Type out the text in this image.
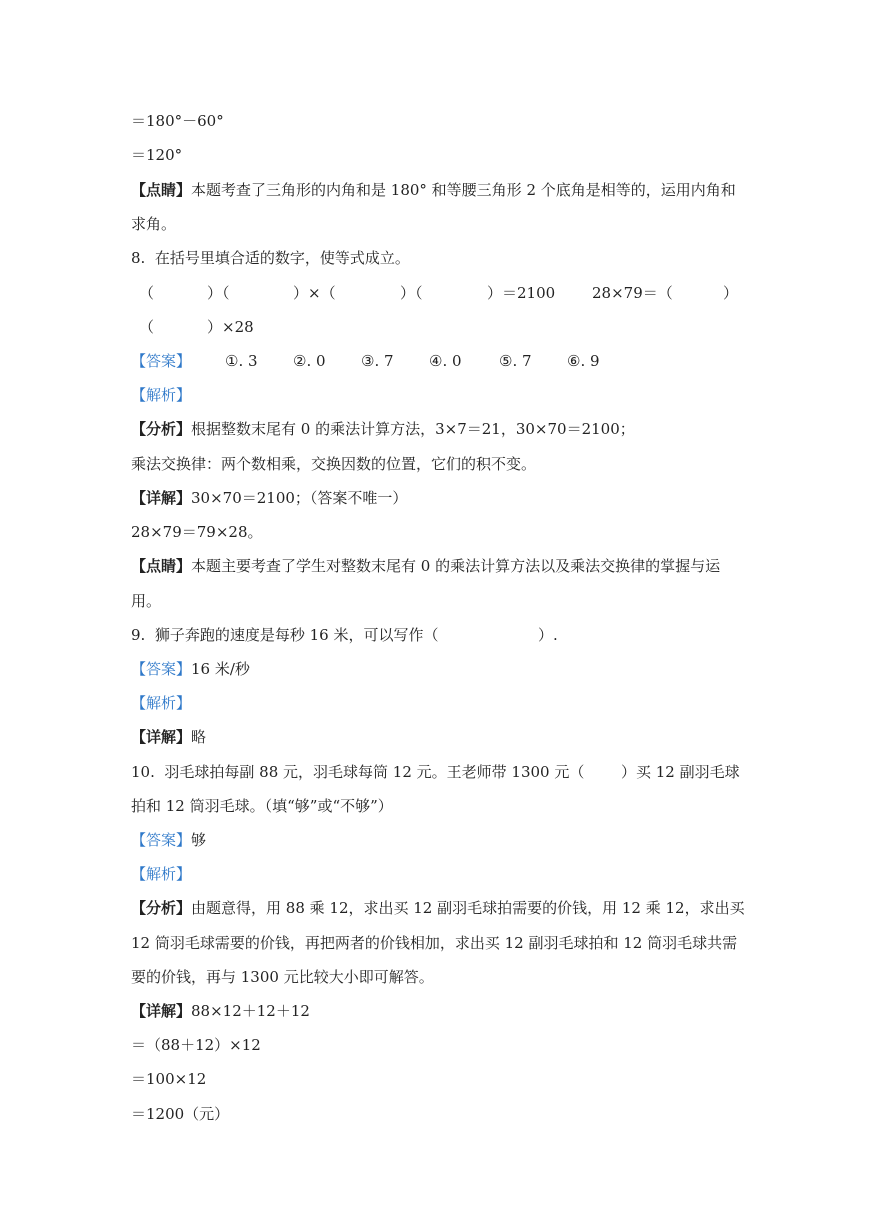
＝180°－60°
＝120°
【点睛】本题考查了三角形的内角和是 180° 和等腰三角形 2 个底角是相等的，运用内角和
求角。
8.  在括号里填合适的数字，使等式成立。
（	）（	）×（	）（	）＝2100 28×79＝（	）
（	）×28
【答案】 ①. 3 ②. 0 ③. 7 ④. 0 ⑤. 7 ⑥. 9
【解析】
【分析】根据整数末尾有 0 的乘法计算方法，3×7＝21，30×70＝2100；
乘法交换律：两个数相乘，交换因数的位置，它们的积不变。
【详解】30×70＝2100；（答案不唯一）
28×79＝79×28。
【点睛】本题主要考查了学生对整数末尾有 0 的乘法计算方法以及乘法交换律的掌握与运
用。
9.  狮子奔跑的速度是每秒 16 米，可以写作（	）.
【答案】16 米/秒
【解析】
【详解】略
10.  羽毛球拍每副 88 元，羽毛球每筒 12 元。王老师带 1300 元（ ）买 12 副羽毛球
拍和 12 筒羽毛球。（填“够”或“不够”）
【答案】够
【解析】
【分析】由题意得，用 88 乘 12，求出买 12 副羽毛球拍需要的价钱，用 12 乘 12，求出买
12 筒羽毛球需要的价钱，再把两者的价钱相加，求出买 12 副羽毛球拍和 12 筒羽毛球共需
要的价钱，再与 1300 元比较大小即可解答。
【详解】88×12＋12＋12
＝（88＋12）×12
＝100×12
＝1200（元）
